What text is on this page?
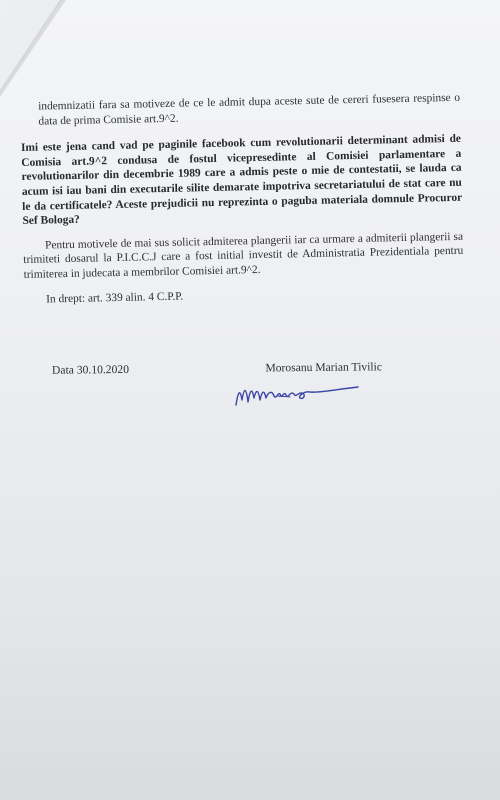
indemnizatii fara sa motiveze de ce le admit dupa aceste sute de cereri fusesera respinse o data de prima Comisie art.9^2.

Imi este jena cand vad pe paginile facebook cum revolutionarii determinant admisi de Comisia art.9^2 condusa de fostul vicepresedinte al Comisiei parlamentare a revolutionarilor din decembrie 1989 care a admis peste o mie de contestatii, se lauda ca acum isi iau bani din executarile silite demarate impotriva secretariatului de stat care nu le da certificatele? Aceste prejudicii nu reprezinta o paguba materiala domnule Procuror Sef Bologa?

Pentru motivele de mai sus solicit admiterea plangerii iar ca urmare a admiterii plangerii sa trimiteti dosarul la P.I.C.C.J care a fost initial investit de Administratia Prezidentiala pentru trimiterea in judecata a membrilor Comisiei art.9^2.

In drept: art. 339 alin. 4 C.P.P.

Data 30.10.2020	Morosanu Marian Tivilic
